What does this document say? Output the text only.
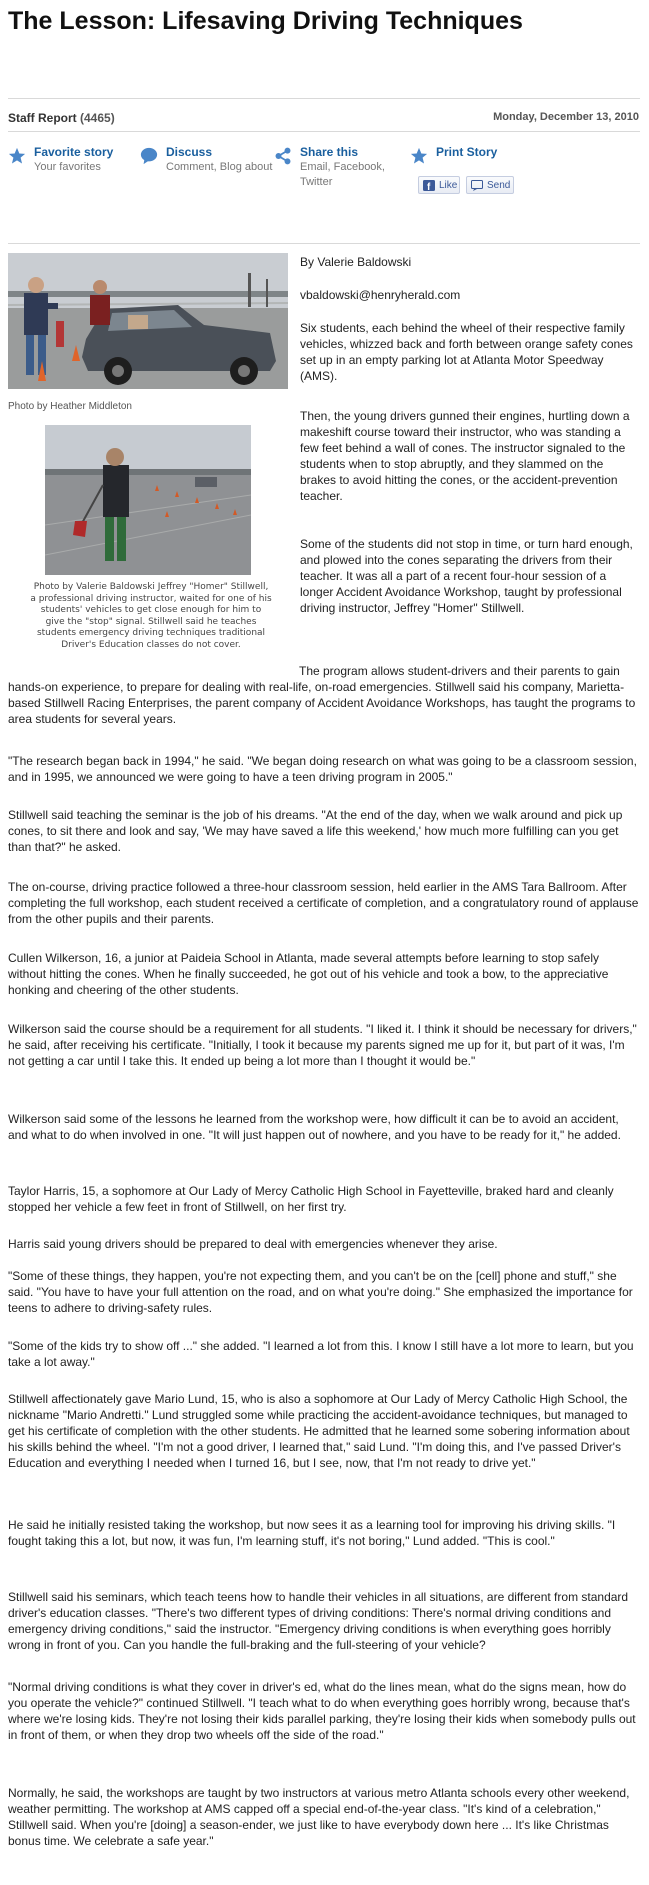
The Lesson: Lifesaving Driving Techniques
Staff Report (4465)	Monday, December 13, 2010
Favorite story
Your favorites
Discuss
Comment, Blog about
Share this
Email, Facebook, Twitter
Print Story
f Like	Send
Photo by Heather Middleton
Photo by Valerie Baldowski Jeffrey "Homer" Stillwell, a professional driving instructor, waited for one of his students' vehicles to get close enough for him to give the "stop" signal. Stillwell said he teaches students emergency driving techniques traditional Driver's Education classes do not cover.
By Valerie Baldowski
vbaldowski@henryherald.com

Six students, each behind the wheel of their respective family vehicles, whizzed back and forth between orange safety cones set up in an empty parking lot at Atlanta Motor Speedway (AMS).

Then, the young drivers gunned their engines, hurtling down a makeshift course toward their instructor, who was standing a few feet behind a wall of cones. The instructor signaled to the students when to stop abruptly, and they slammed on the brakes to avoid hitting the cones, or the accident-prevention teacher.

Some of the students did not stop in time, or turn hard enough, and plowed into the cones separating the drivers from their teacher. It was all a part of a recent four-hour session of a longer Accident Avoidance Workshop, taught by professional driving instructor, Jeffrey "Homer" Stillwell.

The program allows student-drivers and their parents to gain hands-on experience, to prepare for dealing with real-life, on-road emergencies. Stillwell said his company, Marietta-based Stillwell Racing Enterprises, the parent company of Accident Avoidance Workshops, has taught the programs to area students for several years.

"The research began back in 1994," he said. "We began doing research on what was going to be a classroom session, and in 1995, we announced we were going to have a teen driving program in 2005."

Stillwell said teaching the seminar is the job of his dreams. "At the end of the day, when we walk around and pick up cones, to sit there and look and say, 'We may have saved a life this weekend,' how much more fulfilling can you get than that?" he asked.

The on-course, driving practice followed a three-hour classroom session, held earlier in the AMS Tara Ballroom. After completing the full workshop, each student received a certificate of completion, and a congratulatory round of applause from the other pupils and their parents.

Cullen Wilkerson, 16, a junior at Paideia School in Atlanta, made several attempts before learning to stop safely without hitting the cones. When he finally succeeded, he got out of his vehicle and took a bow, to the appreciative honking and cheering of the other students.

Wilkerson said the course should be a requirement for all students. "I liked it. I think it should be necessary for drivers," he said, after receiving his certificate. "Initially, I took it because my parents signed me up for it, but part of it was, I'm not getting a car until I take this. It ended up being a lot more than I thought it would be."

Wilkerson said some of the lessons he learned from the workshop were, how difficult it can be to avoid an accident, and what to do when involved in one. "It will just happen out of nowhere, and you have to be ready for it," he added.

Taylor Harris, 15, a sophomore at Our Lady of Mercy Catholic High School in Fayetteville, braked hard and cleanly stopped her vehicle a few feet in front of Stillwell, on her first try.

Harris said young drivers should be prepared to deal with emergencies whenever they arise.

"Some of these things, they happen, you're not expecting them, and you can't be on the [cell] phone and stuff," she said. "You have to have your full attention on the road, and on what you're doing." She emphasized the importance for teens to adhere to driving-safety rules.

"Some of the kids try to show off ..." she added. "I learned a lot from this. I know I still have a lot more to learn, but you take a lot away."

Stillwell affectionately gave Mario Lund, 15, who is also a sophomore at Our Lady of Mercy Catholic High School, the nickname "Mario Andretti." Lund struggled some while practicing the accident-avoidance techniques, but managed to get his certificate of completion with the other students. He admitted that he learned some sobering information about his skills behind the wheel. "I'm not a good driver, I learned that," said Lund. "I'm doing this, and I've passed Driver's Education and everything I needed when I turned 16, but I see, now, that I'm not ready to drive yet."

He said he initially resisted taking the workshop, but now sees it as a learning tool for improving his driving skills. "I fought taking this a lot, but now, it was fun, I'm learning stuff, it's not boring," Lund added. "This is cool."

Stillwell said his seminars, which teach teens how to handle their vehicles in all situations, are different from standard driver's education classes. "There's two different types of driving conditions: There's normal driving conditions and emergency driving conditions," said the instructor. "Emergency driving conditions is when everything goes horribly wrong in front of you. Can you handle the full-braking and the full-steering of your vehicle?

"Normal driving conditions is what they cover in driver's ed, what do the lines mean, what do the signs mean, how do you operate the vehicle?" continued Stillwell. "I teach what to do when everything goes horribly wrong, because that's where we're losing kids. They're not losing their kids parallel parking, they're losing their kids when somebody pulls out in front of them, or when they drop two wheels off the side of the road."

Normally, he said, the workshops are taught by two instructors at various metro Atlanta schools every other weekend, weather permitting. The workshop at AMS capped off a special end-of-the-year class. "It's kind of a celebration," Stillwell said. When you're [doing] a season-ender, we just like to have everybody down here ... It's like Christmas bonus time. We celebrate a safe year."
